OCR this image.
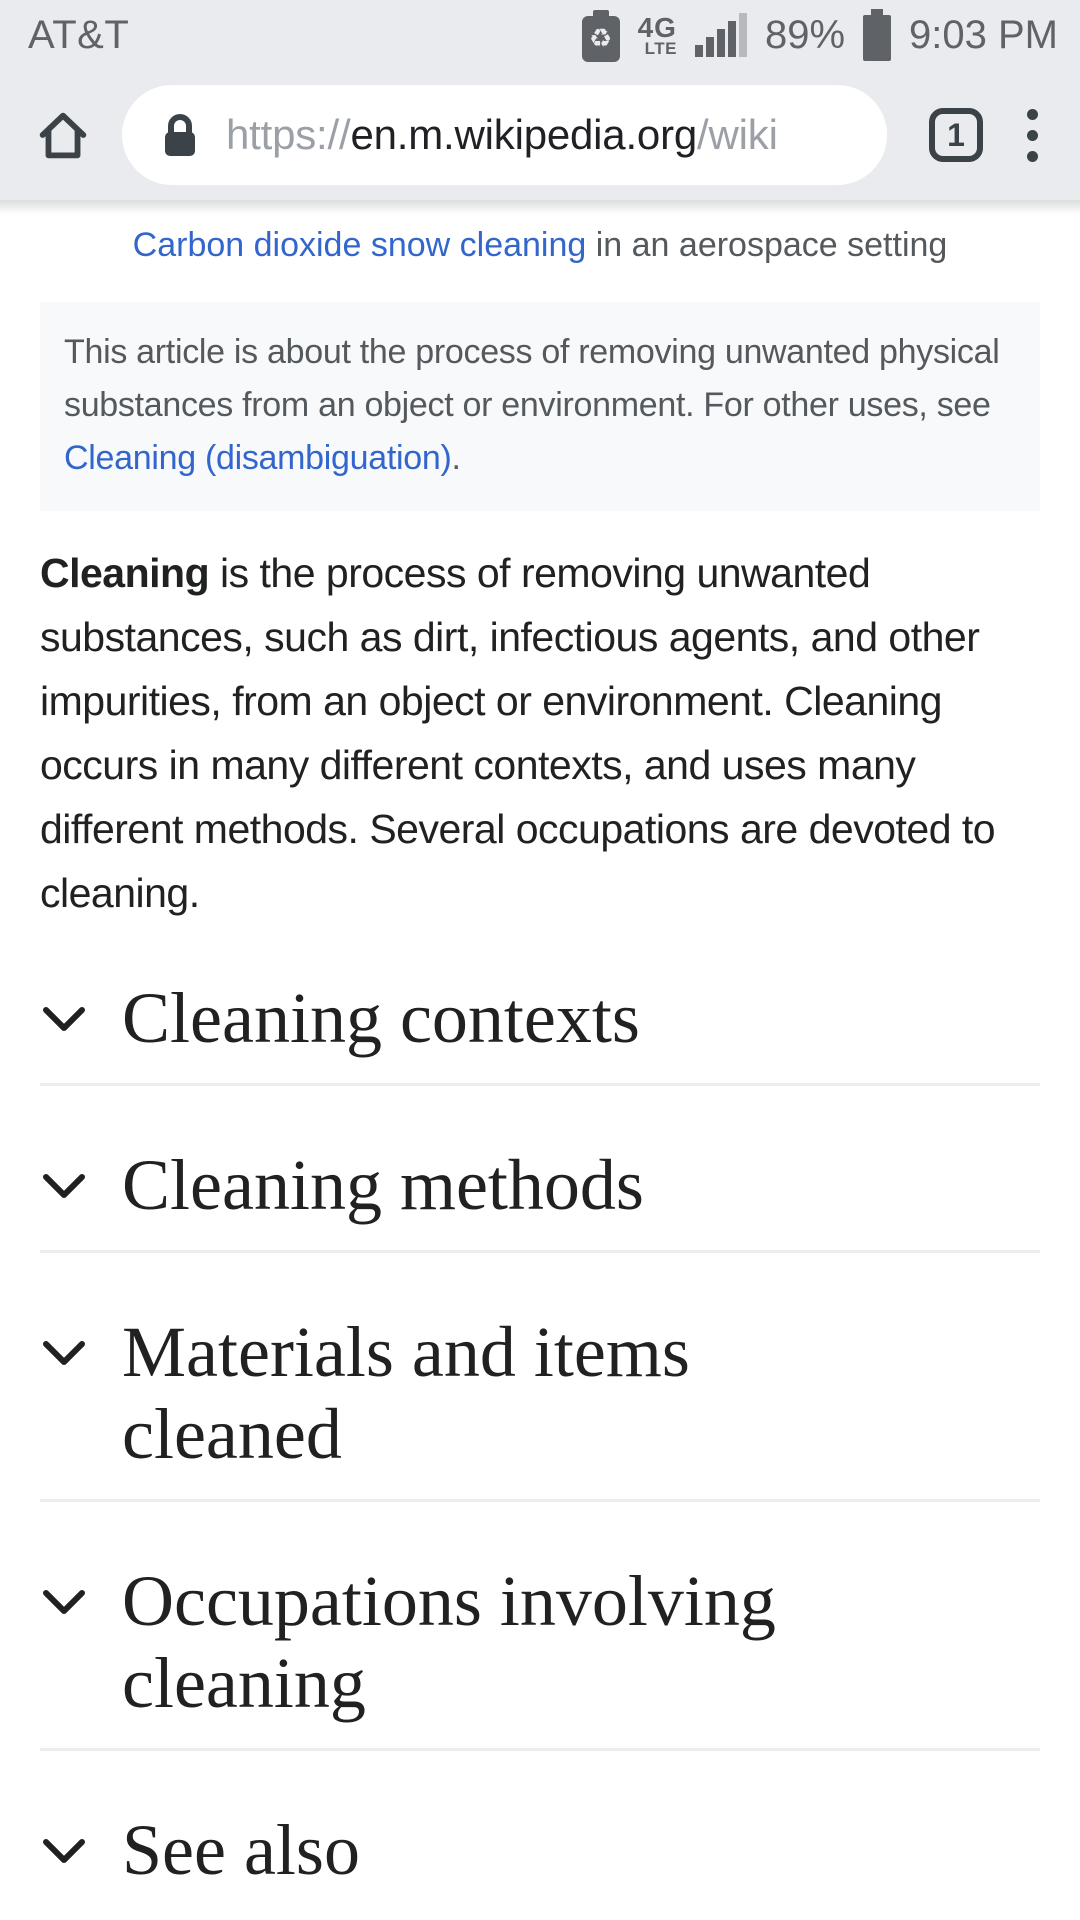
AT&T	♻ 4G
LTE 89% 9:03 PM
https://en.m.wikipedia.org/wiki	1
Carbon dioxide snow cleaning in an aerospace setting
This article is about the process of removing unwanted physical substances from an object or environment. For other uses, see Cleaning (disambiguation).
Cleaning is the process of removing unwanted substances, such as dirt, infectious agents, and other impurities, from an object or environment. Cleaning occurs in many different contexts, and uses many different methods. Several occupations are devoted to cleaning.
Cleaning contexts
Cleaning methods
Materials and items cleaned
Occupations involving cleaning
See also
